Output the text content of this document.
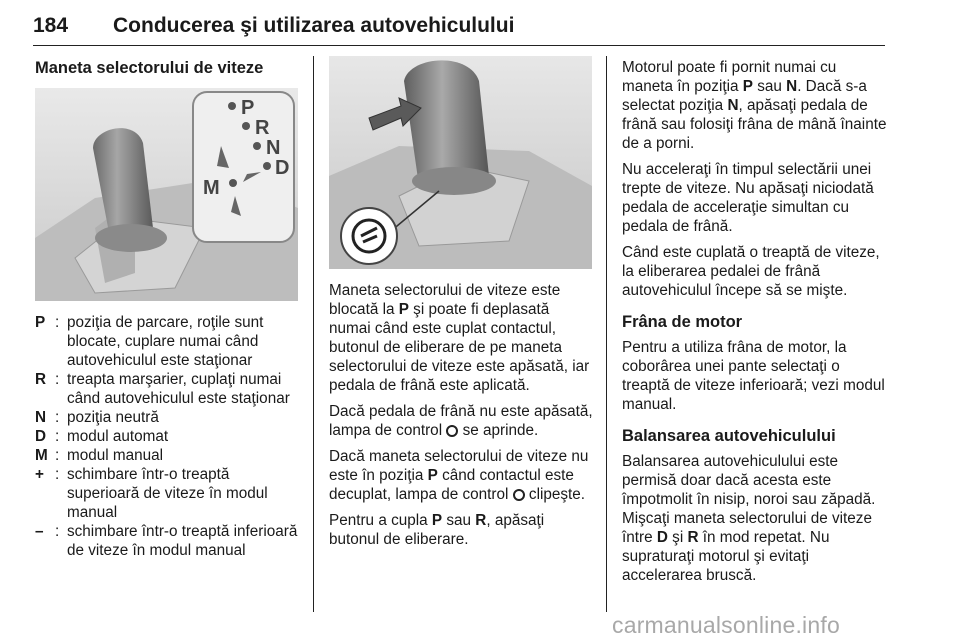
184 Conducerea şi utilizarea autovehiculului
Maneta selectorului de viteze
P
R
N
D
M
P : poziţia de parcare, roţile sunt blocate, cuplare numai când autovehiculul este staţionar
R : treapta marşarier, cuplaţi numai când autovehiculul este staţionar
N : poziţia neutră
D : modul automat
M : modul manual
+ : schimbare într-o treaptă superioară de viteze în modul manual
– : schimbare într-o treaptă inferioară de viteze în modul manual

Maneta selectorului de viteze este blocată la P şi poate fi deplasată numai când este cuplat contactul, butonul de eliberare de pe maneta selectorului de viteze este apăsată, iar pedala de frână este aplicată.

Dacă pedala de frână nu este apăsată, lampa de control  se aprinde.

Dacă maneta selectorului de viteze nu este în poziţia P când contactul este decuplat, lampa de control  clipeşte.

Pentru a cupla P sau R, apăsaţi butonul de eliberare.

Motorul poate fi pornit numai cu maneta în poziţia P sau N. Dacă s-a selectat poziţia N, apăsaţi pedala de frână sau folosiţi frâna de mână înainte de a porni.

Nu acceleraţi în timpul selectării unei trepte de viteze. Nu apăsaţi niciodată pedala de acceleraţie simultan cu pedala de frână.

Când este cuplată o treaptă de viteze, la eliberarea pedalei de frână autovehiculul începe să se mişte.

Frâna de motor

Pentru a utiliza frâna de motor, la coborârea unei pante selectaţi o treaptă de viteze inferioară; vezi modul manual.

Balansarea autovehiculului

Balansarea autovehiculului este permisă doar dacă acesta este împotmolit în nisip, noroi sau zăpadă. Mişcaţi maneta selectorului de viteze între D şi R în mod repetat. Nu supraturaţi motorul şi evitaţi accelerarea bruscă.

carmanualsonline.info
